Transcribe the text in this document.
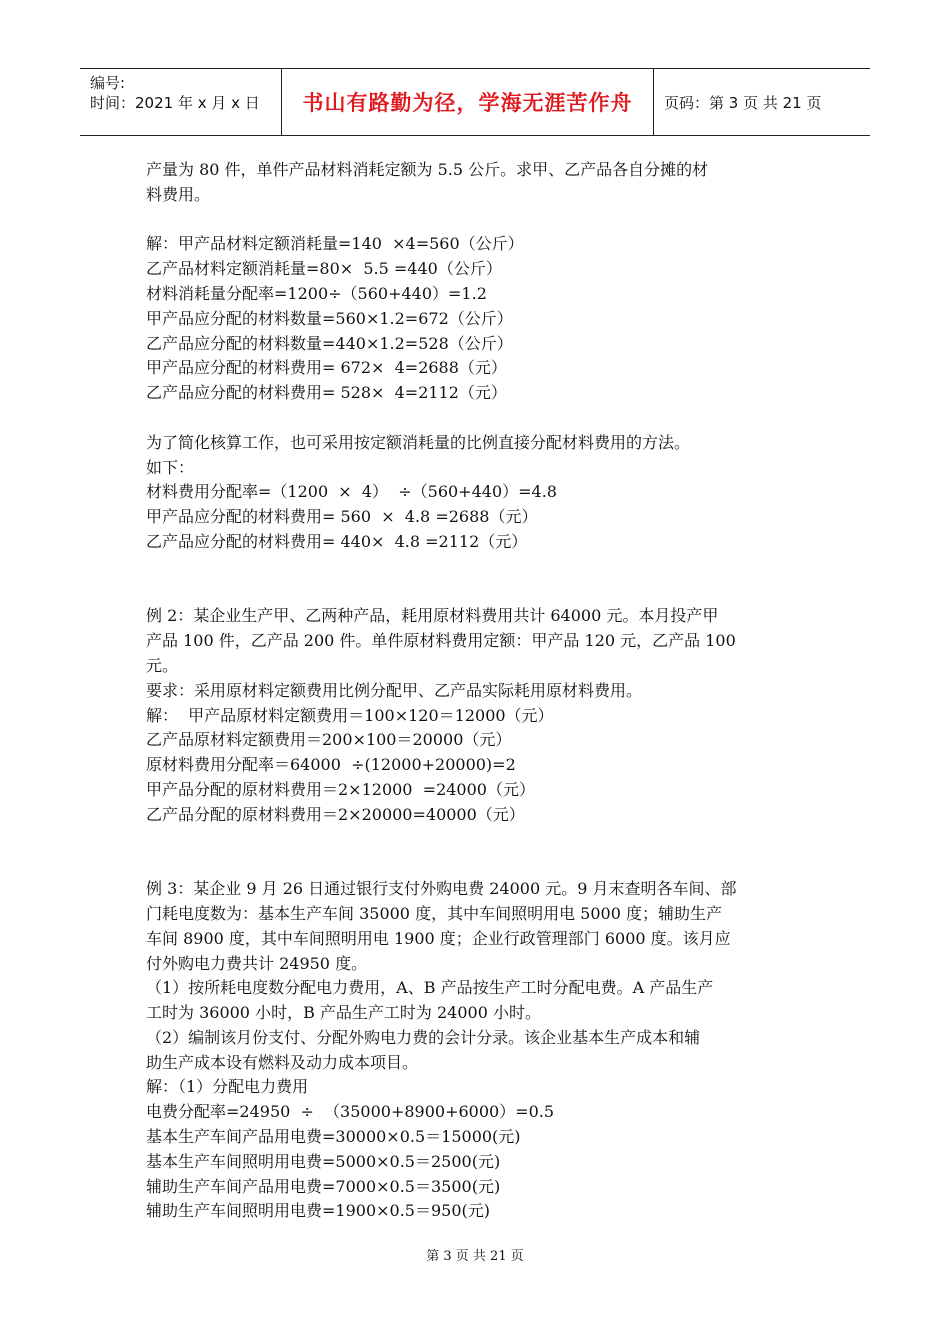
编号:
时间：2021 年 x 月 x 日	书山有路勤为径，学海无涯苦作舟 页码：第 3 页 共 21 页
产量为 80 件，单件产品材料消耗定额为 5.5 公斤。求甲、乙产品各自分摊的材
料费用。
解：甲产品材料定额消耗量=140  ×4=560（公斤）
乙产品材料定额消耗量=80×  5.5 =440（公斤）
材料消耗量分配率=1200÷（560+440）=1.2
甲产品应分配的材料数量=560×1.2=672（公斤）
乙产品应分配的材料数量=440×1.2=528（公斤）
甲产品应分配的材料费用= 672×  4=2688（元）
乙产品应分配的材料费用= 528×  4=2112（元）
为了简化核算工作，也可采用按定额消耗量的比例直接分配材料费用的方法。
如下：
材料费用分配率=（1200  ×  4）  ÷（560+440）=4.8
甲产品应分配的材料费用= 560  ×  4.8 =2688（元）
乙产品应分配的材料费用= 440×  4.8 =2112（元）
例 2：某企业生产甲、乙两种产品，耗用原材料费用共计 64000 元。本月投产甲
产品 100 件，乙产品 200 件。单件原材料费用定额：甲产品 120 元，乙产品 100
元。
要求：采用原材料定额费用比例分配甲、乙产品实际耗用原材料费用。
解：  甲产品原材料定额费用＝100×120＝12000（元）
乙产品原材料定额费用＝200×100＝20000（元）
原材料费用分配率＝64000  ÷(12000+20000)=2
甲产品分配的原材料费用＝2×12000  =24000（元）
乙产品分配的原材料费用＝2×20000=40000（元）
例 3：某企业 9 月 26 日通过银行支付外购电费 24000 元。9 月末查明各车间、部
门耗电度数为：基本生产车间 35000 度，其中车间照明用电 5000 度；辅助生产
车间 8900 度，其中车间照明用电 1900 度；企业行政管理部门 6000 度。该月应
付外购电力费共计 24950 度。
（1）按所耗电度数分配电力费用，A、B 产品按生产工时分配电费。A 产品生产
工时为 36000 小时，B 产品生产工时为 24000 小时。
（2）编制该月份支付、分配外购电力费的会计分录。该企业基本生产成本和辅
助生产成本设有燃料及动力成本项目。
解：（1）分配电力费用
电费分配率=24950  ÷  （35000+8900+6000）=0.5
基本生产车间产品用电费=30000×0.5＝15000(元)
基本生产车间照明用电费=5000×0.5＝2500(元)
辅助生产车间产品用电费=7000×0.5＝3500(元)
辅助生产车间照明用电费=1900×0.5＝950(元)
第 3 页 共 21 页
